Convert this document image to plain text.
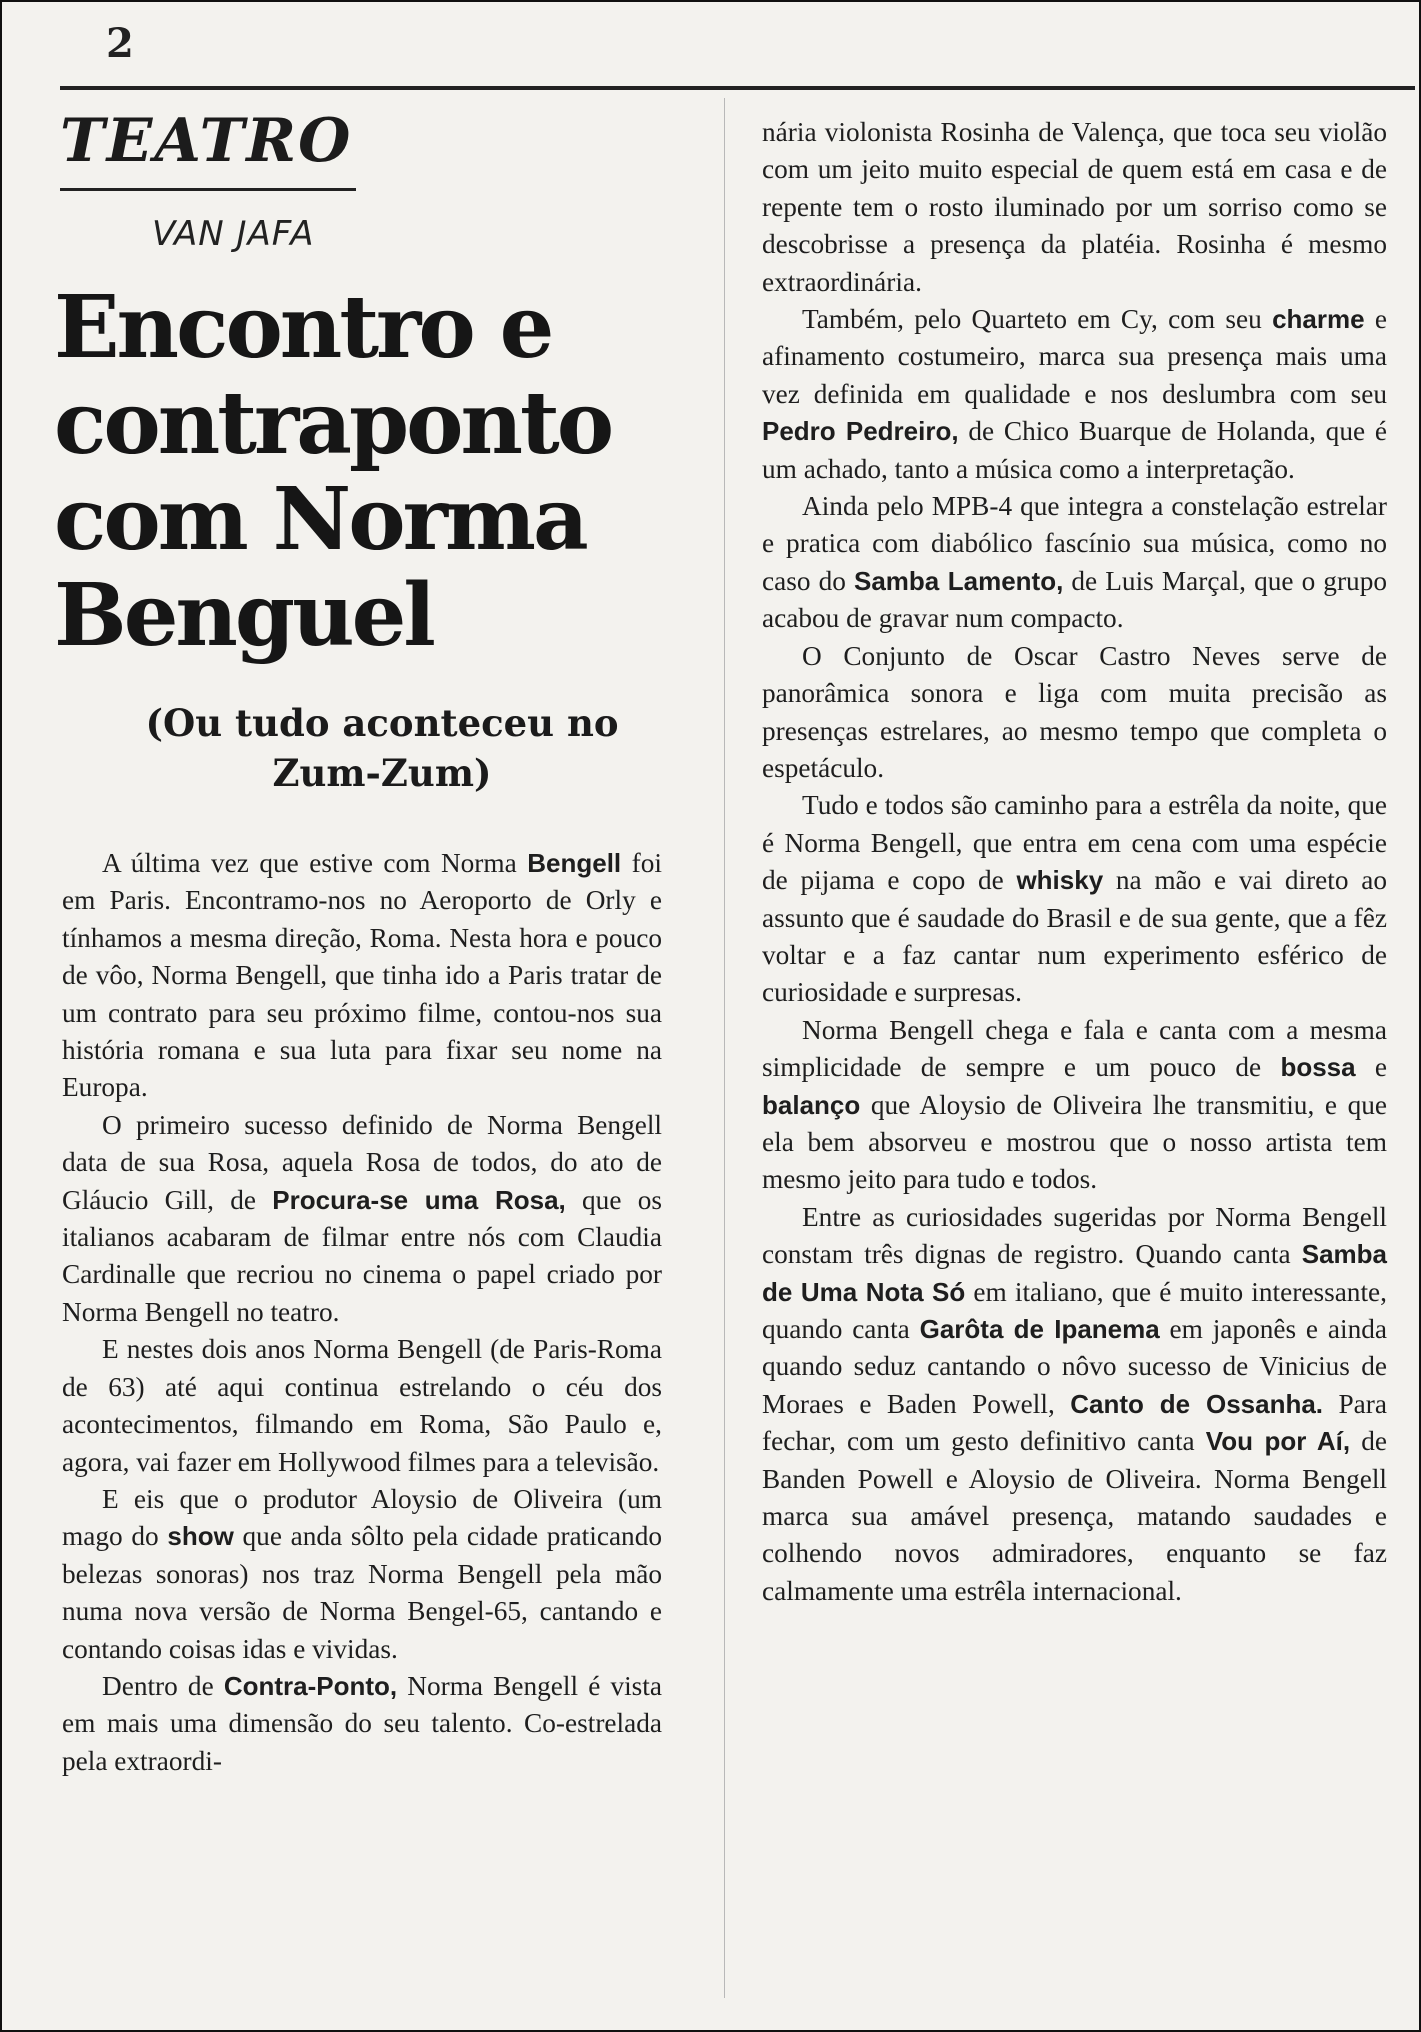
2
TEATRO
VAN JAFA
Encontro e contraponto com Norma Benguel
(Ou tudo aconteceu no Zum-Zum)

A última vez que estive com Norma Bengell foi em Paris. Encontramo-nos no Aeroporto de Orly e tínhamos a mesma direção, Roma. Nesta hora e pouco de vôo, Norma Bengell, que tinha ido a Paris tratar de um contrato para seu próximo filme, contou-nos sua história romana e sua luta para fixar seu nome na Europa.

O primeiro sucesso definido de Norma Bengell data de sua Rosa, aquela Rosa de todos, do ato de Gláucio Gill, de Procura-se uma Rosa, que os italianos acabaram de filmar entre nós com Claudia Cardinalle que recriou no cinema o papel criado por Norma Bengell no teatro.

E nestes dois anos Norma Bengell (de Paris-Roma de 63) até aqui continua estrelando o céu dos acontecimentos, filmando em Roma, São Paulo e, agora, vai fazer em Hollywood filmes para a televisão.

E eis que o produtor Aloysio de Oliveira (um mago do show que anda sôlto pela cidade praticando belezas sonoras) nos traz Norma Bengell pela mão numa nova versão de Norma Bengel-65, cantando e contando coisas idas e vividas.

Dentro de Contra-Ponto, Norma Bengell é vista em mais uma dimensão do seu talento. Co-estrelada pela extraordi-

nária violonista Rosinha de Valença, que toca seu violão com um jeito muito especial de quem está em casa e de repente tem o rosto iluminado por um sorriso como se descobrisse a presença da platéia. Rosinha é mesmo extraordinária.

Também, pelo Quarteto em Cy, com seu charme e afinamento costumeiro, marca sua presença mais uma vez definida em qualidade e nos deslumbra com seu Pedro Pedreiro, de Chico Buarque de Holanda, que é um achado, tanto a música como a interpretação.

Ainda pelo MPB-4 que integra a constelação estrelar e pratica com diabólico fascínio sua música, como no caso do Samba Lamento, de Luis Marçal, que o grupo acabou de gravar num compacto.

O Conjunto de Oscar Castro Neves serve de panorâmica sonora e liga com muita precisão as presenças estrelares, ao mesmo tempo que completa o espetáculo.

Tudo e todos são caminho para a estrêla da noite, que é Norma Bengell, que entra em cena com uma espécie de pijama e copo de whisky na mão e vai direto ao assunto que é saudade do Brasil e de sua gente, que a fêz voltar e a faz cantar num experimento esférico de curiosidade e surpresas.

Norma Bengell chega e fala e canta com a mesma simplicidade de sempre e um pouco de bossa e balanço que Aloysio de Oliveira lhe transmitiu, e que ela bem absorveu e mostrou que o nosso artista tem mesmo jeito para tudo e todos.

Entre as curiosidades sugeridas por Norma Bengell constam três dignas de registro. Quando canta Samba de Uma Nota Só em italiano, que é muito interessante, quando canta Garôta de Ipanema em japonês e ainda quando seduz cantando o nôvo sucesso de Vinicius de Moraes e Baden Powell, Canto de Ossanha. Para fechar, com um gesto definitivo canta Vou por Aí, de Banden Powell e Aloysio de Oliveira. Norma Bengell marca sua amável presença, matando saudades e colhendo novos admiradores, enquanto se faz calmamente uma estrêla internacional.
